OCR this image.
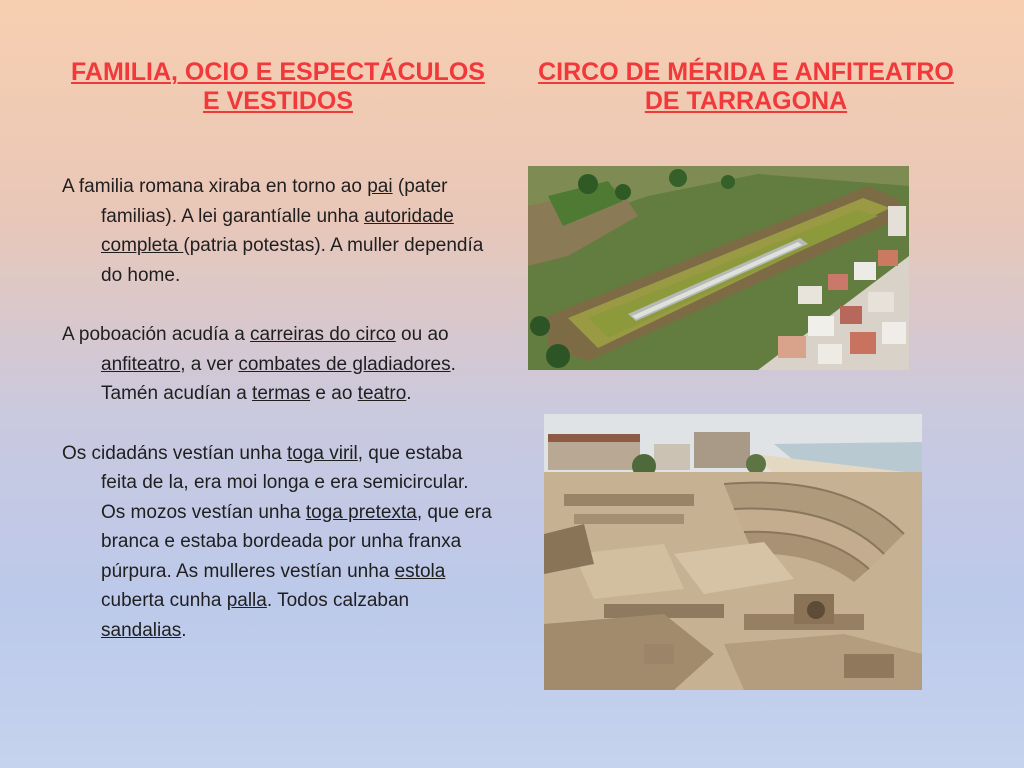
FAMILIA, OCIO E ESPECTÁCULOS
E VESTIDOS
CIRCO DE MÉRIDA E ANFITEATRO
DE TARRAGONA

A familia romana xiraba en torno ao pai (pater familias). A lei garantíalle unha autoridade completa (patria potestas). A muller dependía do home.

A poboación acudía a carreiras do circo ou ao anfiteatro, a ver combates de gladiadores. Tamén acudían a termas e ao teatro.

Os cidadáns vestían unha toga viril, que estaba feita de la, era moi longa e era semicircular. Os mozos vestían unha toga pretexta, que era branca e estaba bordeada por unha franxa púrpura. As mulleres vestían unha estola cuberta cunha palla. Todos calzaban sandalias.
